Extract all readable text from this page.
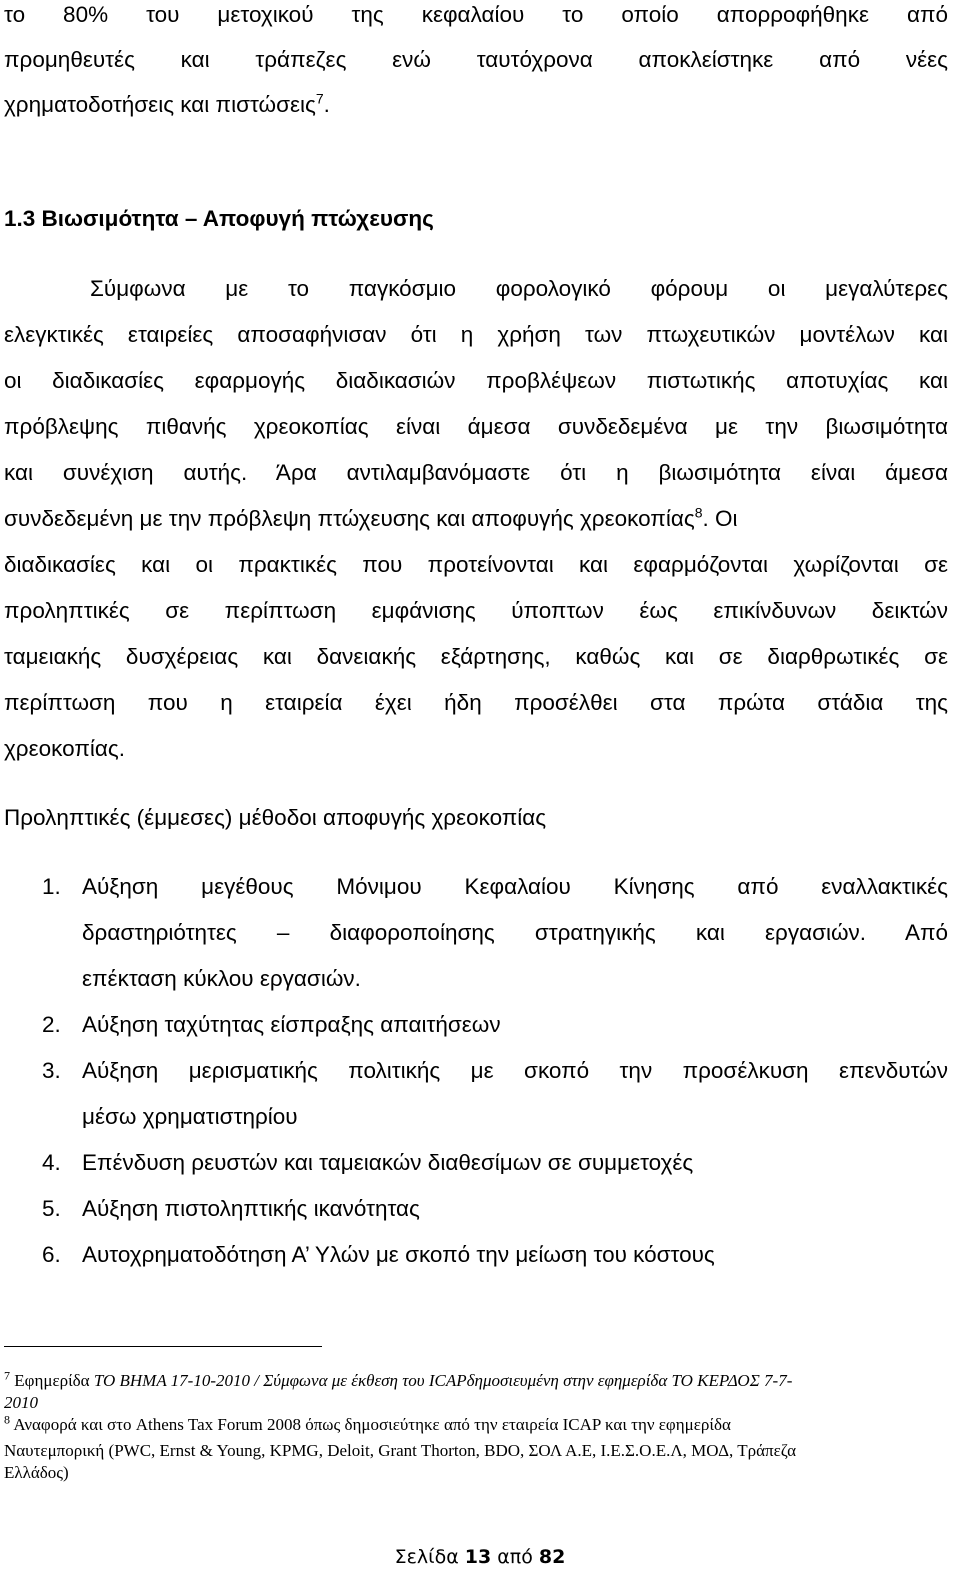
το 80% του μετοχικού της κεφαλαίου το οποίο απορροφήθηκε από
προμηθευτές και τράπεζες ενώ ταυτόχρονα αποκλείστηκε από νέες
χρηματοδοτήσεις και πιστώσεις$^7$.
1.3 Βιωσιμότητα – Αποφυγή πτώχευσης
Σύμφωνα με το παγκόσμιο φορολογικό φόρουμ οι μεγαλύτερες
ελεγκτικές εταιρείες αποσαφήνισαν ότι η χρήση των πτωχευτικών μοντέλων και
οι διαδικασίες εφαρμογής διαδικασιών προβλέψεων πιστωτικής αποτυχίας και
πρόβλεψης πιθανής χρεοκοπίας είναι άμεσα συνδεδεμένα με την βιωσιμότητα
και συνέχιση αυτής. Άρα αντιλαμβανόμαστε ότι η βιωσιμότητα είναι άμεσα
συνδεδεμένη με την πρόβλεψη πτώχευσης και αποφυγής χρεοκοπίας$^8$. Οι
διαδικασίες και οι πρακτικές που προτείνονται και εφαρμόζονται χωρίζονται σε
προληπτικές σε περίπτωση εμφάνισης ύποπτων έως επικίνδυνων δεικτών
ταμειακής δυσχέρειας και δανειακής εξάρτησης, καθώς και σε διαρθρωτικές σε
περίπτωση που η εταιρεία έχει ήδη προσέλθει στα πρώτα στάδια της
χρεοκοπίας.
Προληπτικές (έμμεσες) μέθοδοι αποφυγής χρεοκοπίας
1. Αύξηση μεγέθους Μόνιμου Κεφαλαίου Κίνησης από εναλλακτικές
δραστηριότητες – διαφοροποίησης στρατηγικής και εργασιών. Από
επέκταση κύκλου εργασιών.
2. Αύξηση ταχύτητας είσπραξης απαιτήσεων
3. Αύξηση μερισματικής πολιτικής με σκοπό την προσέλκυση επενδυτών
μέσω χρηματιστηρίου
4. Επένδυση ρευστών και ταμειακών διαθεσίμων σε συμμετοχές
5. Αύξηση πιστοληπτικής ικανότητας
6. Αυτοχρηματοδότηση Α’ Υλών με σκοπό την μείωση του κόστους
$^7$ Εφημερίδα ΤΟ ΒΗΜΑ 17-10-2010 / Σύμφωνα με έκθεση του ICAPδημοσιευμένη στην εφημερίδα ΤΟ ΚΕΡΔΟΣ 7-7-
2010
$^8$ Αναφορά και στο Athens Tax Forum 2008 όπως δημοσιεύτηκε από την εταιρεία ICAP και την εφημερίδα
Ναυτεμπορική (PWC, Ernst & Young, KPMG, Deloit, Grant Thorton, BDO, ΣΟΛ Α.Ε, Ι.Ε.Σ.Ο.Ε.Λ, ΜΟΔ, Τράπεζα
Ελλάδος)
Σελίδα 13 από 82
